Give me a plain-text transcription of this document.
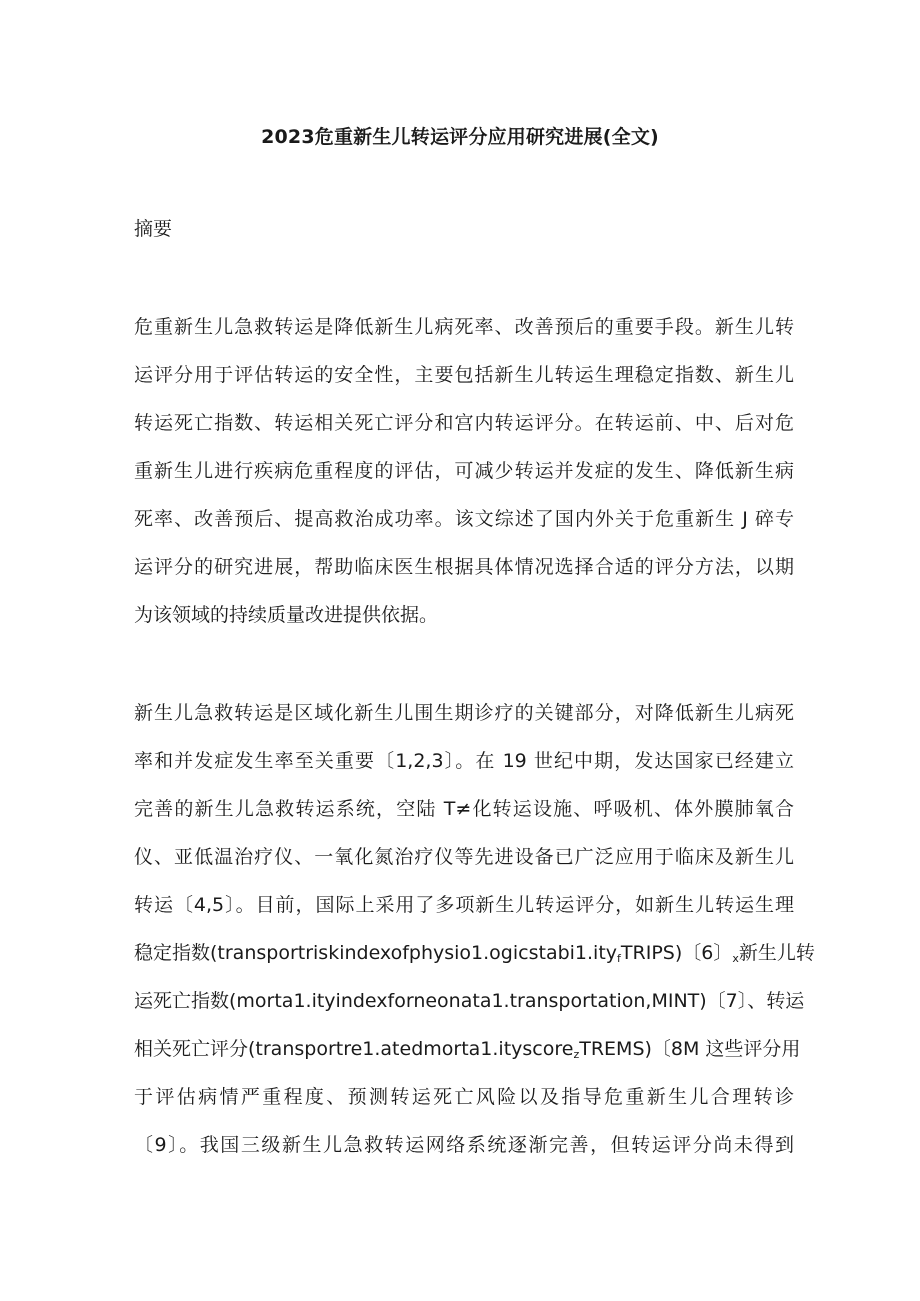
2023危重新生儿转运评分应用研究进展(全文)
摘要
危重新生儿急救转运是降低新生儿病死率、改善预后的重要手段。新生儿转
运评分用于评估转运的安全性，主要包括新生儿转运生理稳定指数、新生儿
转运死亡指数、转运相关死亡评分和宫内转运评分。在转运前、中、后对危
重新生儿进行疾病危重程度的评估，可减少转运并发症的发生、降低新生病
死率、改善预后、提高救治成功率。该文综述了国内外关于危重新生 J 碎专
运评分的研究进展，帮助临床医生根据具体情况选择合适的评分方法，以期
为该领域的持续质量改进提供依据。
新生儿急救转运是区域化新生儿围生期诊疗的关键部分，对降低新生儿病死
率和并发症发生率至关重要〔1,2,3〕。在 19 世纪中期，发达国家已经建立
完善的新生儿急救转运系统，空陆 T≠化转运设施、呼吸机、体外膜肺氧合
仪、亚低温治疗仪、一氧化氮治疗仪等先进设备已广泛应用于临床及新生儿
转运〔4,5〕。目前，国际上采用了多项新生儿转运评分，如新生儿转运生理
稳定指数(transportriskindexofphysio1.ogicstabi1.ity$_f$TRIPS)〔6〕$_x$新生儿转
运死亡指数(morta1.ityindexforneonata1.transportation,MINT)〔7〕、转运
相关死亡评分(transportre1.atedmorta1.ityscore$_z$TREMS)〔8M 这些评分用
于评估病情严重程度、预测转运死亡风险以及指导危重新生儿合理转诊
〔9〕。我国三级新生儿急救转运网络系统逐渐完善，但转运评分尚未得到
